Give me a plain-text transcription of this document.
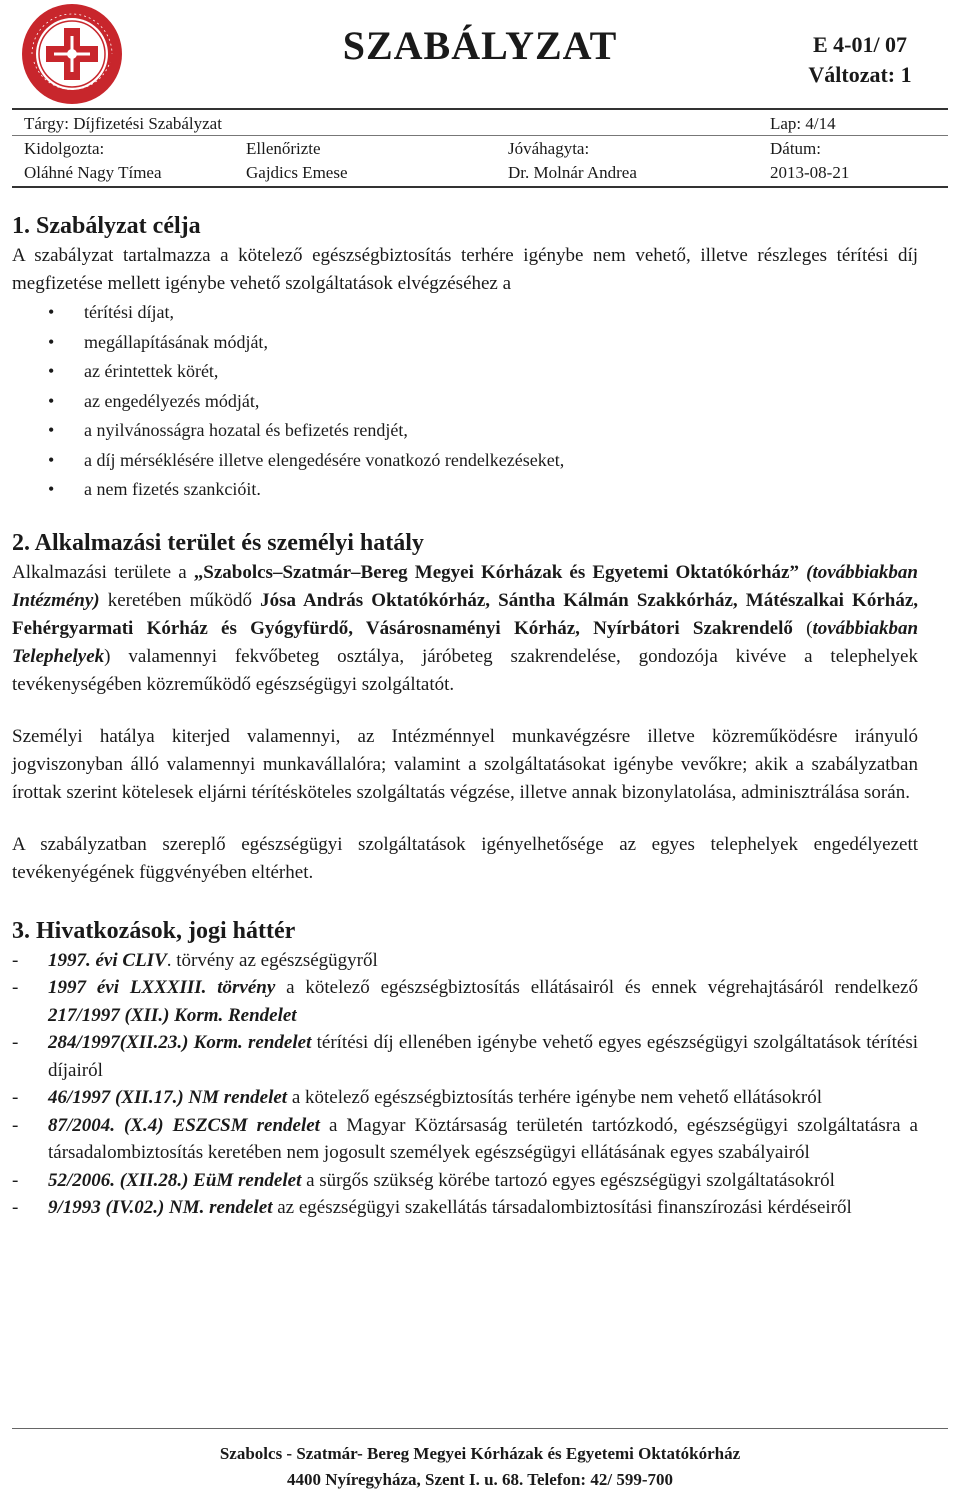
SZABÁLYZAT	E 4-01/ 07
Változat: 1
Tárgy: Díjfizetési Szabályzat	Lap: 4/14
Kidolgozta:
Oláhné Nagy Tímea
Ellenőrizte
Gajdics Emese
Jóváhagyta:
Dr. Molnár Andrea
Dátum:
2013-08-21
1. Szabályzat célja

A szabályzat tartalmazza a kötelező egészségbiztosítás terhére igénybe nem vehető, illetve részleges térítési díj megfizetése mellett igénybe vehető szolgáltatások elvégzéséhez a

• térítési díjat,
• megállapításának módját,
• az érintettek körét,
• az engedélyezés módját,
• a nyilvánosságra hozatal és befizetés rendjét,
• a díj mérséklésére illetve elengedésére vonatkozó rendelkezéseket,
• a nem fizetés szankcióit.
2. Alkalmazási terület és személyi hatály

Alkalmazási területe a „Szabolcs–Szatmár–Bereg Megyei Kórházak és Egyetemi Oktatókórház” (továbbiakban Intézmény) keretében működő Jósa András Oktatókórház, Sántha Kálmán Szakkórház, Mátészalkai Kórház, Fehérgyarmati Kórház és Gyógyfürdő, Vásárosnaményi Kórház, Nyírbátori Szakrendelő (továbbiakban Telephelyek) valamennyi fekvőbeteg osztálya, járóbeteg szakrendelése, gondozója kivéve a telephelyek tevékenységében közreműködő egészségügyi szolgáltatót.

Személyi hatálya kiterjed valamennyi, az Intézménnyel munkavégzésre illetve közreműködésre irányuló jogviszonyban álló valamennyi munkavállalóra; valamint a szolgáltatásokat igénybe vevőkre; akik a szabályzatban írottak szerint kötelesek eljárni térítésköteles szolgáltatás végzése, illetve annak bizonylatolása, adminisztrálása során.

A szabályzatban szereplő egészségügyi szolgáltatások igényelhetősége az egyes telephelyek engedélyezett tevékenyégének függvényében eltérhet.

3. Hivatkozások, jogi háttér
- 1997. évi CLIV. törvény az egészségügyről
- 1997 évi LXXXIII. törvény a kötelező egészségbiztosítás ellátásairól és ennek végrehajtásáról rendelkező 217/1997 (XII.) Korm. Rendelet
- 284/1997(XII.23.) Korm. rendelet térítési díj ellenében igénybe vehető egyes egészségügyi szolgáltatások térítési díjairól
- 46/1997 (XII.17.) NM rendelet a kötelező egészségbiztosítás terhére igénybe nem vehető ellátásokról
- 87/2004. (X.4) ESZCSM rendelet a Magyar Köztársaság területén tartózkodó, egészségügyi szolgáltatásra a társadalombiztosítás keretében nem jogosult személyek egészségügyi ellátásának egyes szabályairól
- 52/2006. (XII.28.) EüM rendelet a sürgős szükség körébe tartozó egyes egészségügyi szolgáltatásokról
- 9/1993 (IV.02.) NM. rendelet az egészségügyi szakellátás társadalombiztosítási finanszírozási kérdéseiről
Szabolcs - Szatmár- Bereg Megyei Kórházak és Egyetemi Oktatókórház
4400 Nyíregyháza, Szent I. u. 68. Telefon: 42/ 599-700
